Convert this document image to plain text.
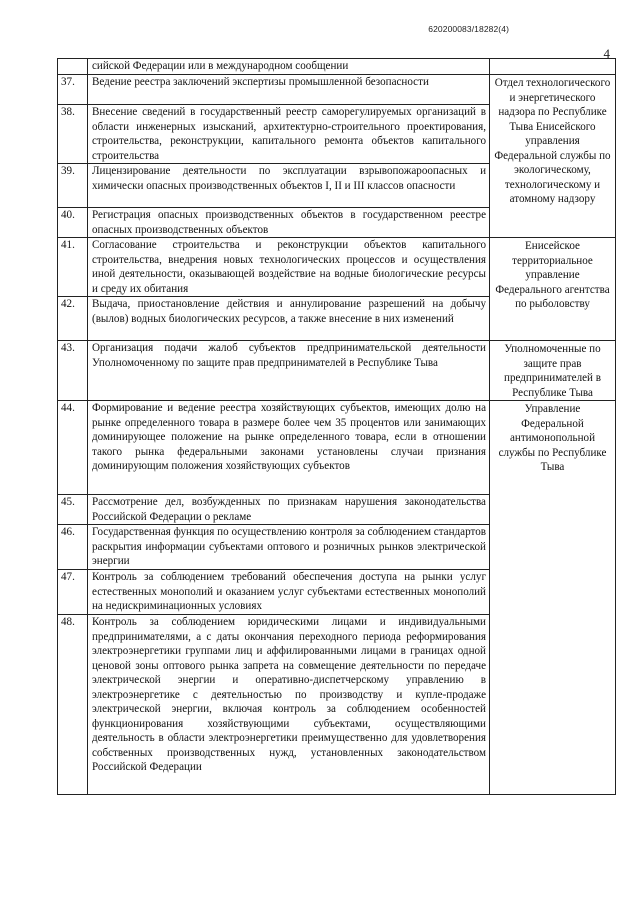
620200083/18282(4)
4
	сийской Федерации или в международном сообщении	
37.	Ведение реестра заключений экспертизы промышленной безопасности	Отдел технологического и энергетического надзора по Республике Тыва Енисейского управления Федеральной службы по экологическому, технологическому и атомному надзору
38.	Внесение сведений в государственный реестр саморегулируемых организаций в области инженерных изысканий, архитектурно-строительного проектирования, строительства, реконструкции, капитального ремонта объектов капитального строительства	
39.	Лицензирование деятельности по эксплуатации взрывопожароопасных и химически опасных производственных объектов I, II и III классов опасности	
40.	Регистрация опасных производственных объектов в государственном реестре опасных производственных объектов	
41.	Согласование строительства и реконструкции объектов капитального строительства, внедрения новых технологических процессов и осуществления иной деятельности, оказывающей воздействие на водные биологические ресурсы и среду их обитания	Енисейское территориальное управление Федерального агентства по рыболовству
42.	Выдача, приостановление действия и аннулирование разрешений на добычу (вылов) водных биологических ресурсов, а также внесение в них изменений	
43.	Организация подачи жалоб субъектов предпринимательской деятельности Уполномоченному по защите прав предпринимателей в Республике Тыва	Уполномоченные по защите прав предпринимателей в Республике Тыва
44.	Формирование и ведение реестра хозяйствующих субъектов, имеющих долю на рынке определенного товара в размере более чем 35 процентов или занимающих доминирующее положение на рынке определенного товара, если в отношении такого рынка федеральными законами установлены случаи признания доминирующим положения хозяйствующих субъектов	Управление Федеральной антимонопольной службы по Республике Тыва
45.	Рассмотрение дел, возбужденных по признакам нарушения законодательства Российской Федерации о рекламе	
46.	Государственная функция по осуществлению контроля за соблюдением стандартов раскрытия информации субъектами оптового и розничных рынков электрической энергии	
47.	Контроль за соблюдением требований обеспечения доступа на рынки услуг естественных монополий и оказанием услуг субъектами естественных монополий на недискриминационных условиях	
48.	Контроль за соблюдением юридическими лицами и индивидуальными предпринимателями, а с даты окончания переходного периода реформирования электроэнергетики группами лиц и аффилированными лицами в границах одной ценовой зоны оптового рынка запрета на совмещение деятельности по передаче электрической энергии и оперативно-диспетчерскому управлению в электроэнергетике с деятельностью по производству и купле-продаже электрической энергии, включая контроль за соблюдением особенностей функционирования хозяйствующими субъектами, осуществляющими деятельность в области электроэнергетики преимущественно для удовлетворения собственных производственных нужд, установленных законодательством Российской Федерации	
